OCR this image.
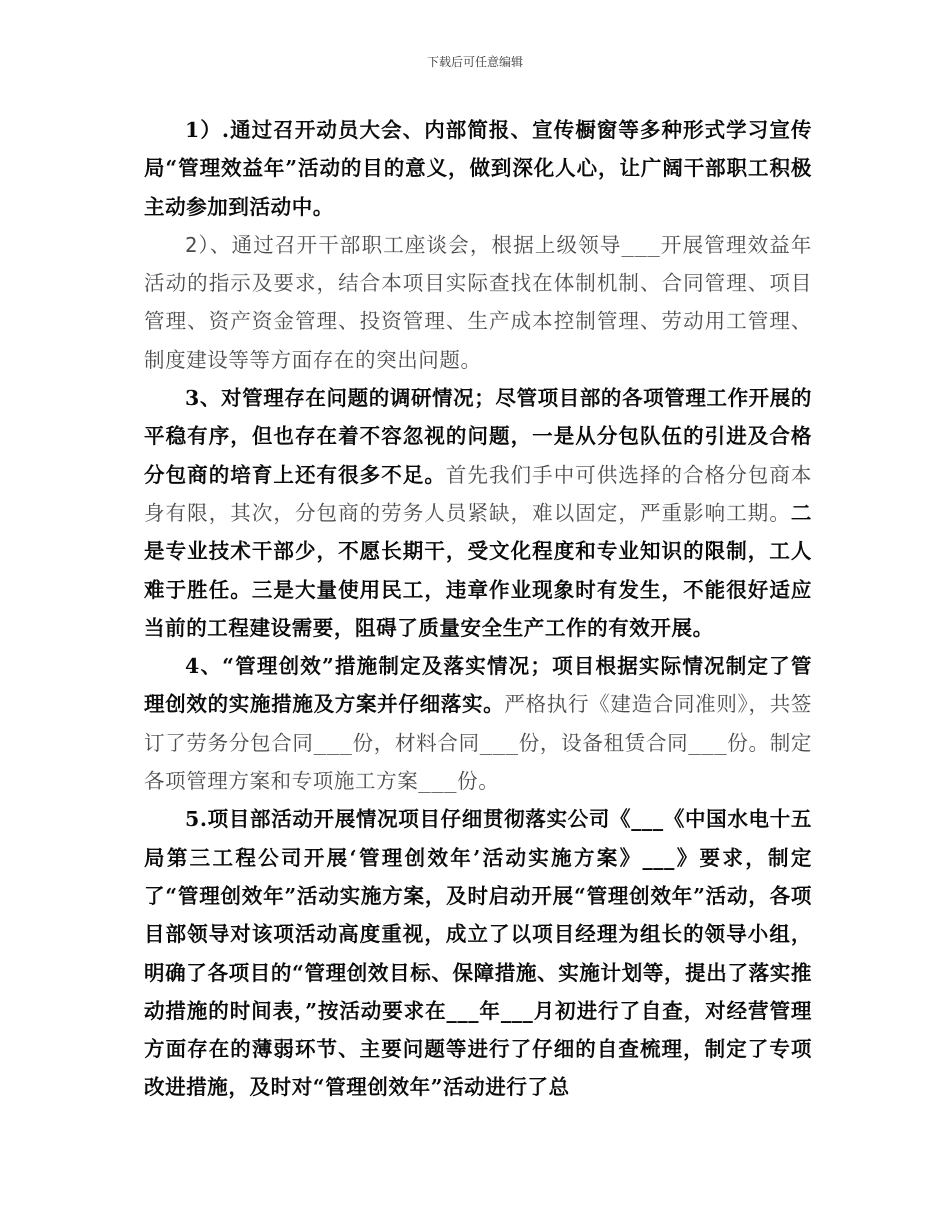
下载后可任意编辑

1）.通过召开动员大会、内部简报、宣传橱窗等多种形式学习宣传局“管理效益年”活动的目的意义，做到深化人心，让广阔干部职工积极主动参加到活动中。

2）、通过召开干部职工座谈会，根据上级领导___开展管理效益年活动的指示及要求，结合本项目实际查找在体制机制、合同管理、项目管理、资产资金管理、投资管理、生产成本控制管理、劳动用工管理、制度建设等等方面存在的突出问题。

3、对管理存在问题的调研情况；尽管项目部的各项管理工作开展的平稳有序，但也存在着不容忽视的问题，一是从分包队伍的引进及合格分包商的培育上还有很多不足。首先我们手中可供选择的合格分包商本身有限，其次，分包商的劳务人员紧缺，难以固定，严重影响工期。二是专业技术干部少，不愿长期干，受文化程度和专业知识的限制，工人难于胜任。三是大量使用民工，违章作业现象时有发生，不能很好适应当前的工程建设需要，阻碍了质量安全生产工作的有效开展。

4、“管理创效”措施制定及落实情况；项目根据实际情况制定了管理创效的实施措施及方案并仔细落实。严格执行《建造合同准则》，共签订了劳务分包合同___份，材料合同___份，设备租赁合同___份。制定各项管理方案和专项施工方案___份。

5.项目部活动开展情况项目仔细贯彻落实公司《___《中国水电十五局第三工程公司开展‘管理创效年’活动实施方案》___》要求，制定了“管理创效年”活动实施方案，及时启动开展“管理创效年”活动，各项目部领导对该项活动高度重视，成立了以项目经理为组长的领导小组，明确了各项目的“管理创效目标、保障措施、实施计划等，提出了落实推动措施的时间表，”按活动要求在___年___月初进行了自查，对经营管理方面存在的薄弱环节、主要问题等进行了仔细的自查梳理，制定了专项改进措施，及时对“管理创效年”活动进行了总
